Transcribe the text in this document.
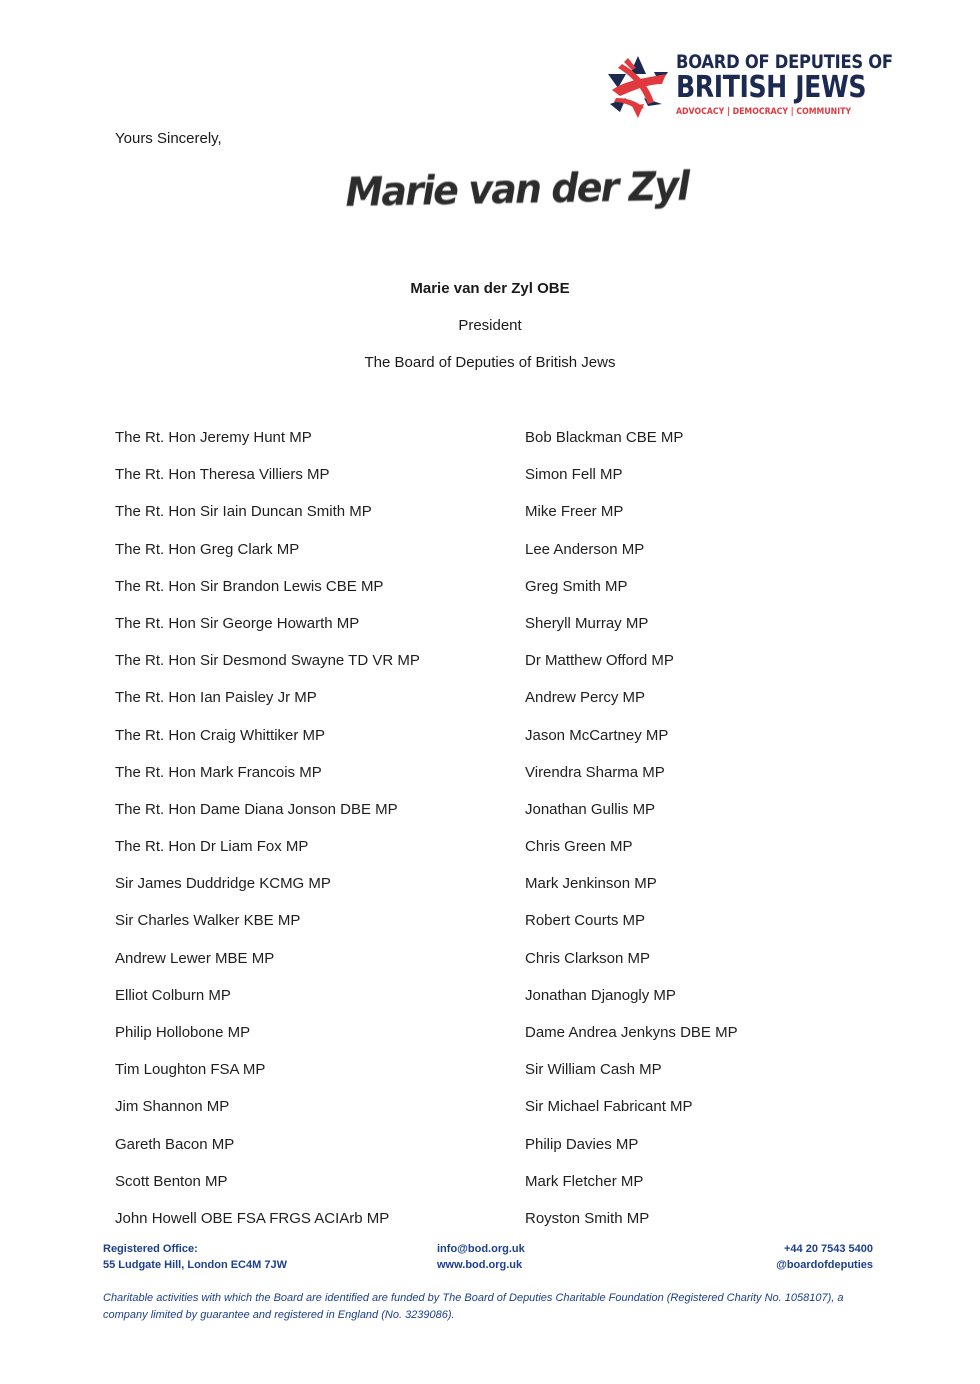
BOARD OF DEPUTIES OF
BRITISH JEWS
ADVOCACY | DEMOCRACY | COMMUNITY
Yours Sincerely,
Marie van der Zyl
Marie van der Zyl OBE
President
The Board of Deputies of British Jews
The Rt. Hon Jeremy Hunt MP
The Rt. Hon Theresa Villiers MP
The Rt. Hon Sir Iain Duncan Smith MP
The Rt. Hon Greg Clark MP
The Rt. Hon Sir Brandon Lewis CBE MP
The Rt. Hon Sir George Howarth MP
The Rt. Hon Sir Desmond Swayne TD VR MP
The Rt. Hon Ian Paisley Jr MP
The Rt. Hon Craig Whittiker MP
The Rt. Hon Mark Francois MP
The Rt. Hon Dame Diana Jonson DBE MP
The Rt. Hon Dr Liam Fox MP
Sir James Duddridge KCMG MP
Sir Charles Walker KBE MP
Andrew Lewer MBE MP
Elliot Colburn MP
Philip Hollobone MP
Tim Loughton FSA MP
Jim Shannon MP
Gareth Bacon MP
Scott Benton MP
John Howell OBE FSA FRGS ACIArb MP
Bob Blackman CBE MP
Simon Fell MP
Mike Freer MP
Lee Anderson MP
Greg Smith MP
Sheryll Murray MP
Dr Matthew Offord MP
Andrew Percy MP
Jason McCartney MP
Virendra Sharma MP
Jonathan Gullis MP
Chris Green MP
Mark Jenkinson MP
Robert Courts MP
Chris Clarkson MP
Jonathan Djanogly MP
Dame Andrea Jenkyns DBE MP
Sir William Cash MP
Sir Michael Fabricant MP
Philip Davies MP
Mark Fletcher MP
Royston Smith MP
Registered Office:
55 Ludgate Hill, London EC4M 7JW
info@bod.org.uk
www.bod.org.uk
+44 20 7543 5400
@boardofdeputies
Charitable activities with which the Board are identified are funded by The Board of Deputies Charitable Foundation (Registered Charity No. 1058107), a company limited by guarantee and registered in England (No. 3239086).
